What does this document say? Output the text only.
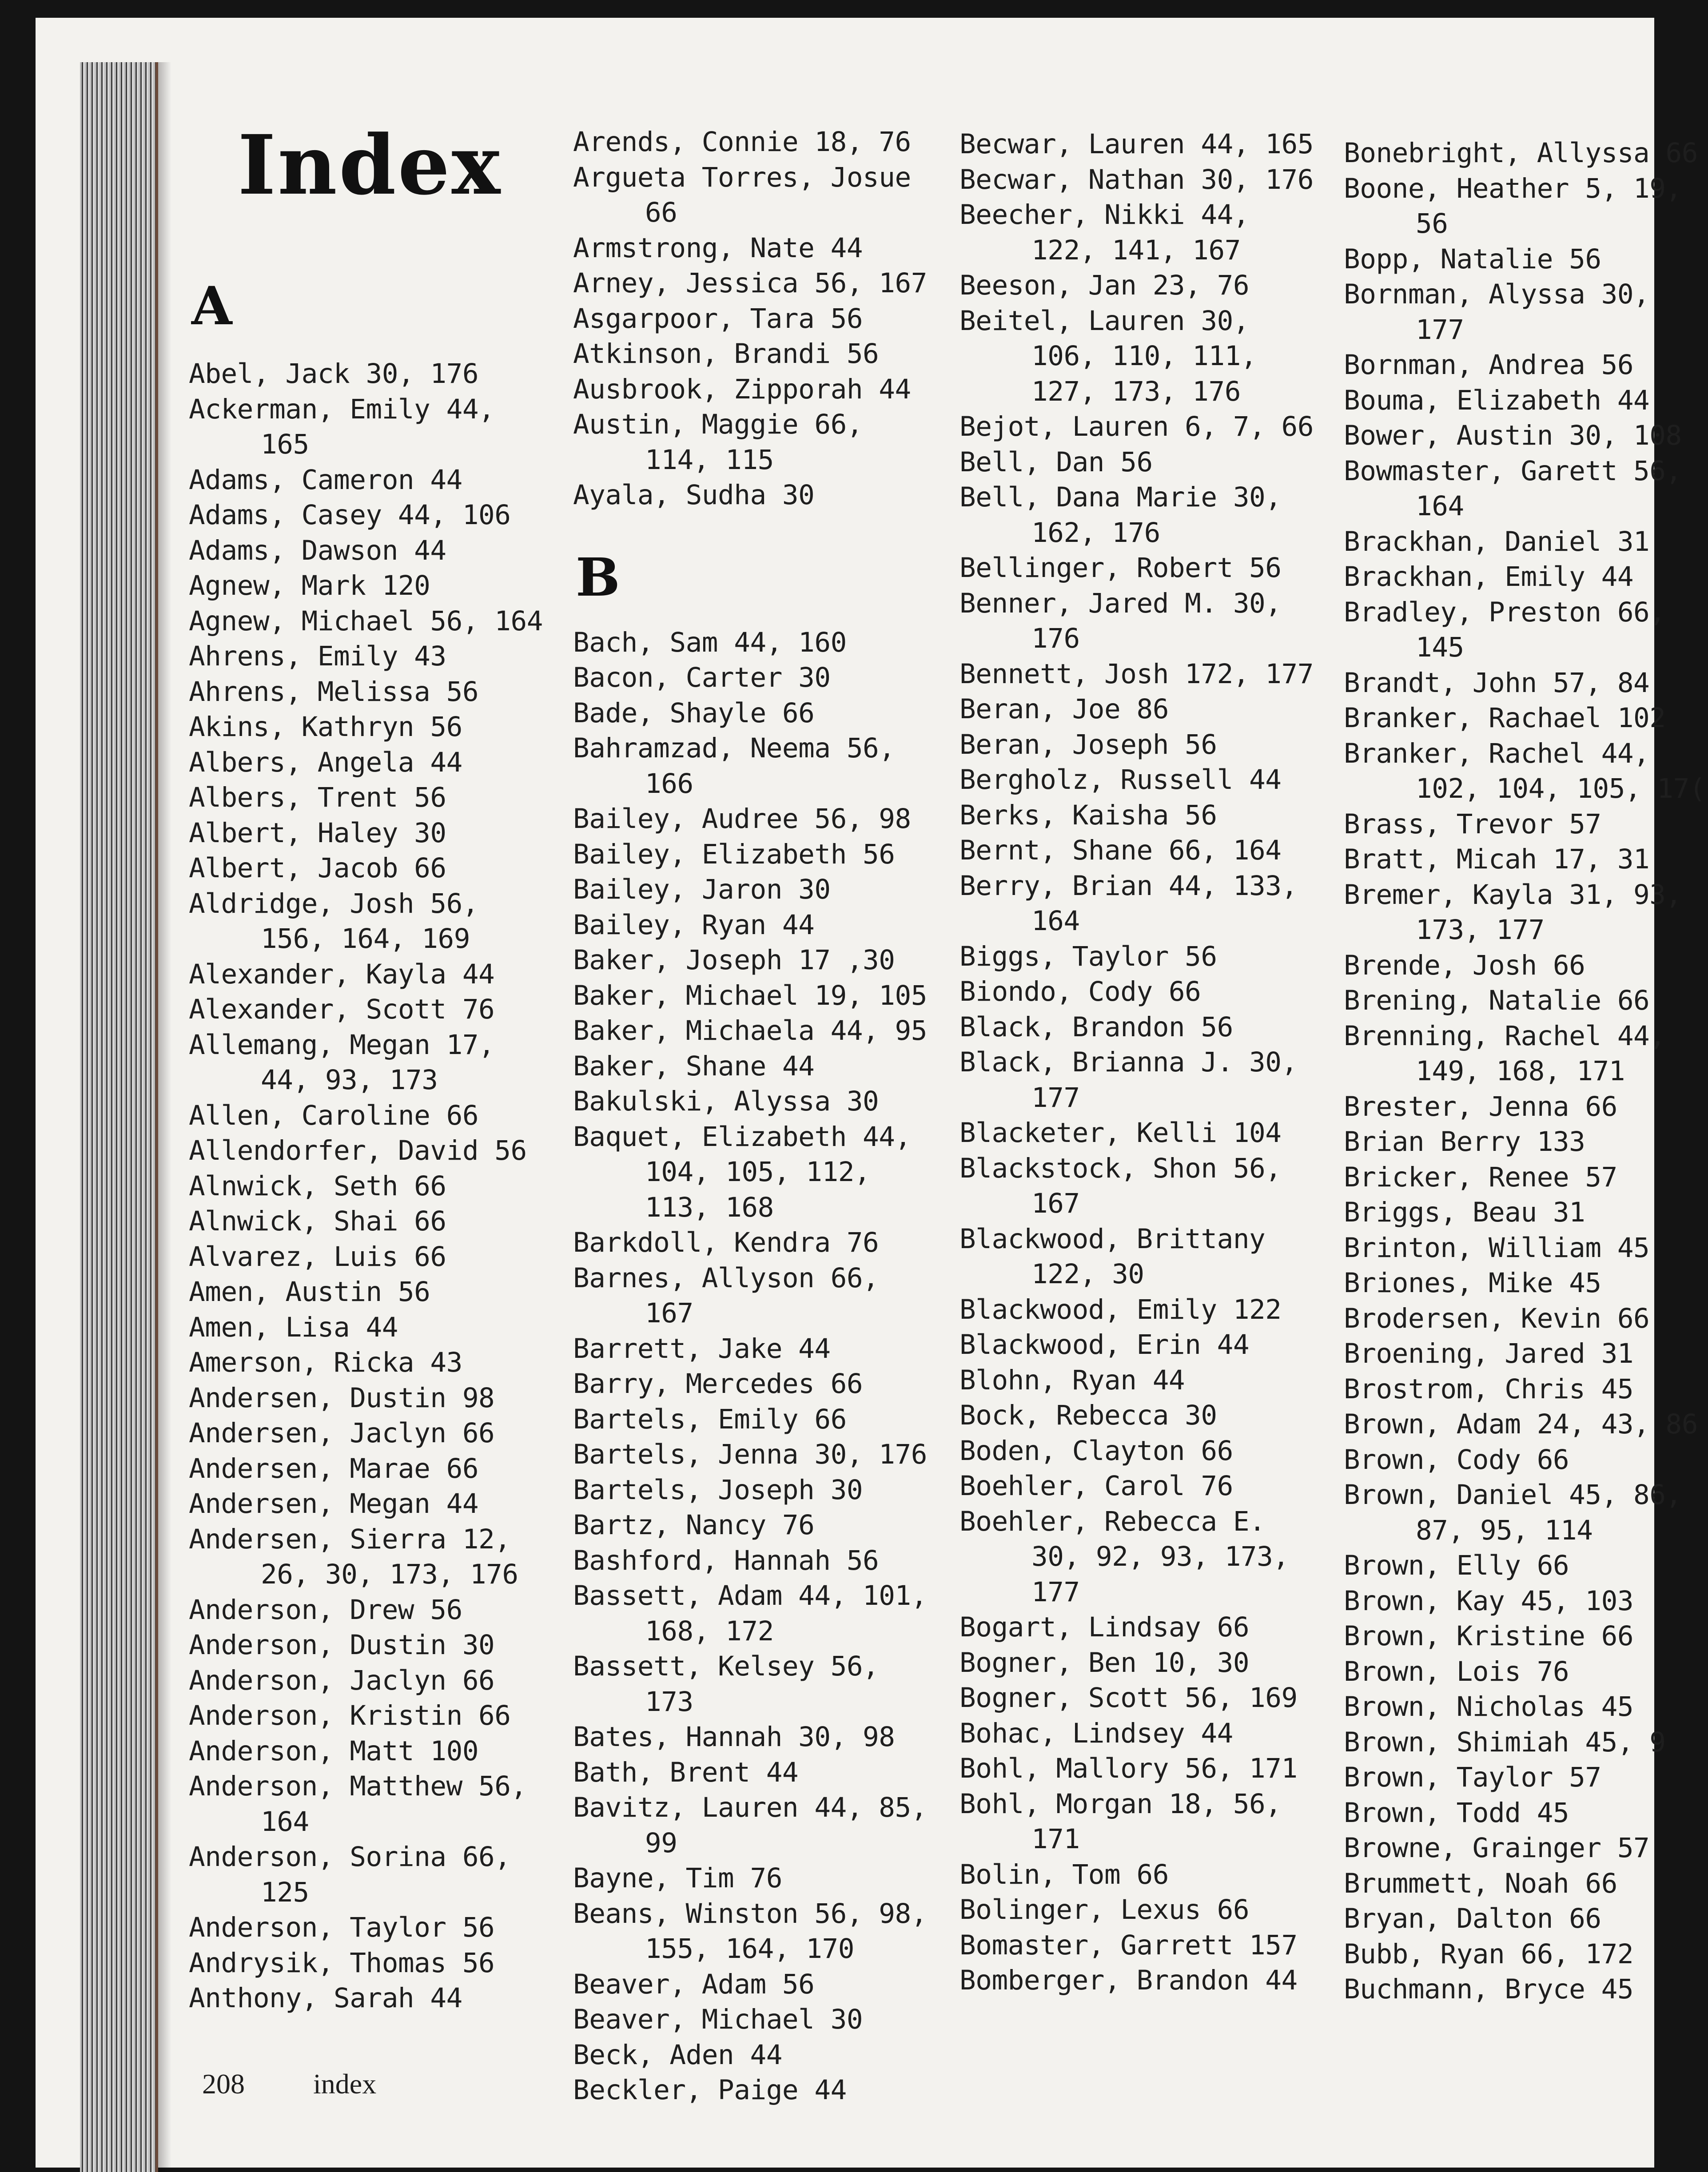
Index
A
Abel, Jack 30, 176
Ackerman, Emily 44, 165
Adams, Cameron 44
Adams, Casey 44, 106
Adams, Dawson 44
Agnew, Mark 120
Agnew, Michael 56, 164
Ahrens, Emily 43
Ahrens, Melissa 56
Akins, Kathryn 56
Albers, Angela 44
Albers, Trent 56
Albert, Haley 30
Albert, Jacob 66
Aldridge, Josh 56, 156, 164, 169
Alexander, Kayla 44
Alexander, Scott 76
Allemang, Megan 17, 44, 93, 173
Allen, Caroline 66
Allendorfer, David 56
Alnwick, Seth 66
Alnwick, Shai 66
Alvarez, Luis 66
Amen, Austin 56
Amen, Lisa 44
Amerson, Ricka 43
Andersen, Dustin 98
Andersen, Jaclyn 66
Andersen, Marae 66
Andersen, Megan 44
Andersen, Sierra 12, 26, 30, 173, 176
Anderson, Drew 56
Anderson, Dustin 30
Anderson, Jaclyn 66
Anderson, Kristin 66
Anderson, Matt 100
Anderson, Matthew 56, 164
Anderson, Sorina 66, 125
Anderson, Taylor 56
Andrysik, Thomas 56
Anthony, Sarah 44
Arends, Connie 18, 76
Argueta Torres, Josue 66
Armstrong, Nate 44
Arney, Jessica 56, 167
Asgarpoor, Tara 56
Atkinson, Brandi 56
Ausbrook, Zipporah 44
Austin, Maggie 66, 114, 115
Ayala, Sudha 30
B
Bach, Sam 44, 160
Bacon, Carter 30
Bade, Shayle 66
Bahramzad, Neema 56, 166
Bailey, Audree 56, 98
Bailey, Elizabeth 56
Bailey, Jaron 30
Bailey, Ryan 44
Baker, Joseph 17 ,30
Baker, Michael 19, 105
Baker, Michaela 44, 95
Baker, Shane 44
Bakulski, Alyssa 30
Baquet, Elizabeth 44, 104, 105, 112, 113, 168
Barkdoll, Kendra 76
Barnes, Allyson 66, 167
Barrett, Jake 44
Barry, Mercedes 66
Bartels, Emily 66
Bartels, Jenna 30, 176
Bartels, Joseph 30
Bartz, Nancy 76
Bashford, Hannah 56
Bassett, Adam 44, 101, 168, 172
Bassett, Kelsey 56, 173
Bates, Hannah 30, 98
Bath, Brent 44
Bavitz, Lauren 44, 85, 99
Bayne, Tim 76
Beans, Winston 56, 98, 155, 164, 170
Beaver, Adam 56
Beaver, Michael 30
Beck, Aden 44
Beckler, Paige 44
Becwar, Lauren 44, 165
Becwar, Nathan 30, 176
Beecher, Nikki 44, 122, 141, 167
Beeson, Jan 23, 76
Beitel, Lauren 30, 106, 110, 111, 127, 173, 176
Bejot, Lauren 6, 7, 66
Bell, Dan 56
Bell, Dana Marie 30, 162, 176
Bellinger, Robert 56
Benner, Jared M. 30, 176
Bennett, Josh 172, 177
Beran, Joe 86
Beran, Joseph 56
Bergholz, Russell 44
Berks, Kaisha 56
Bernt, Shane 66, 164
Berry, Brian 44, 133, 164
Biggs, Taylor 56
Biondo, Cody 66
Black, Brandon 56
Black, Brianna J. 30, 177
Blacketer, Kelli 104
Blackstock, Shon 56, 167
Blackwood, Brittany 122, 30
Blackwood, Emily 122
Blackwood, Erin 44
Blohn, Ryan 44
Bock, Rebecca 30
Boden, Clayton 66
Boehler, Carol 76
Boehler, Rebecca E. 30, 92, 93, 173, 177
Bogart, Lindsay 66
Bogner, Ben 10, 30
Bogner, Scott 56, 169
Bohac, Lindsey 44
Bohl, Mallory 56, 171
Bohl, Morgan 18, 56, 171
Bolin, Tom 66
Bolinger, Lexus 66
Bomaster, Garrett 157
Bomberger, Brandon 44
Bonebright, Allyssa 66
Boone, Heather 5, 19, 56
Bopp, Natalie 56
Bornman, Alyssa 30, 177
Bornman, Andrea 56
Bouma, Elizabeth 44
Bower, Austin 30, 108
Bowmaster, Garett 56, 164
Brackhan, Daniel 31
Brackhan, Emily 44
Bradley, Preston 66, 145
Brandt, John 57, 84
Branker, Rachael 102
Branker, Rachel 44, 102, 104, 105, 17(
Brass, Trevor 57
Bratt, Micah 17, 31
Bremer, Kayla 31, 93, 173, 177
Brende, Josh 66
Brening, Natalie 66
Brenning, Rachel 44, 149, 168, 171
Brester, Jenna 66
Brian Berry 133
Bricker, Renee 57
Briggs, Beau 31
Brinton, William 45
Briones, Mike 45
Brodersen, Kevin 66
Broening, Jared 31
Brostrom, Chris 45
Brown, Adam 24, 43, 86
Brown, Cody 66
Brown, Daniel 45, 86, 87, 95, 114
Brown, Elly 66
Brown, Kay 45, 103
Brown, Kristine 66
Brown, Lois 76
Brown, Nicholas 45
Brown, Shimiah 45, 9
Brown, Taylor 57
Brown, Todd 45
Browne, Grainger 57
Brummett, Noah 66
Bryan, Dalton 66
Bubb, Ryan 66, 172
Buchmann, Bryce 45
208 index
